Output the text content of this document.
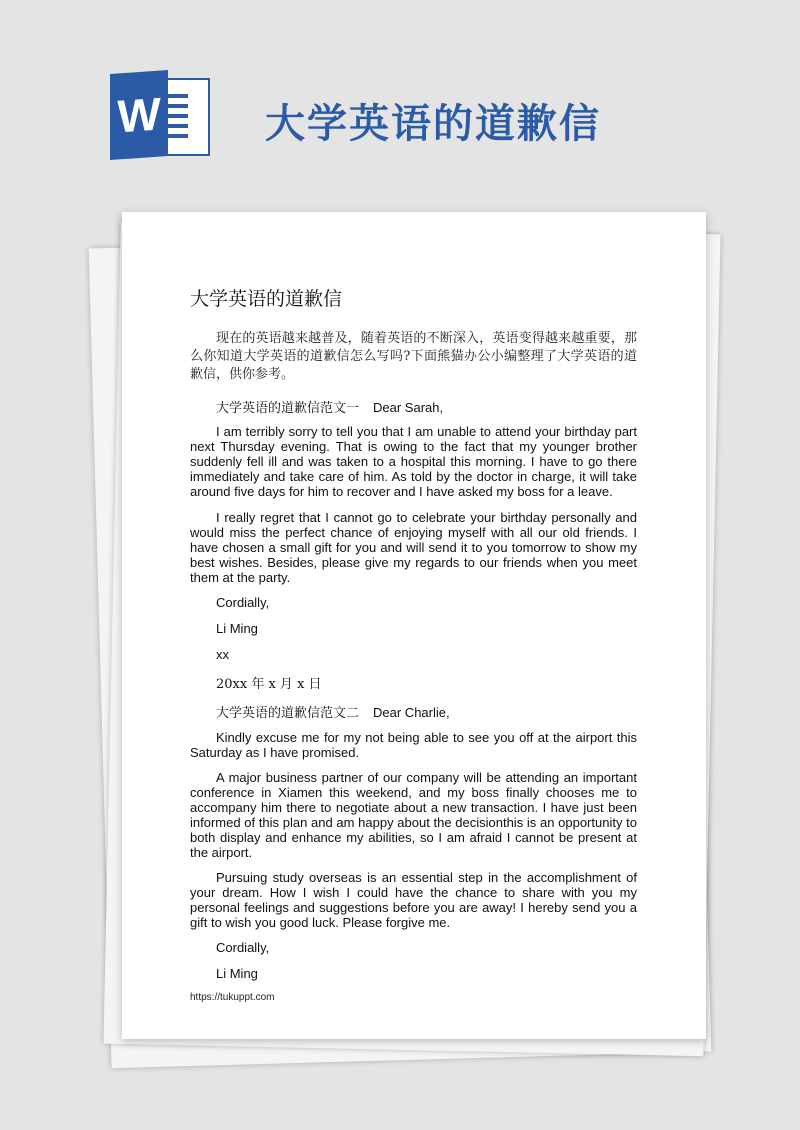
W	大学英语的道歉信
大学英语的道歉信

现在的英语越来越普及，随着英语的不断深入，英语变得越来越重要，那么你知道大学英语的道歉信怎么写吗?下面熊猫办公小编整理了大学英语的道歉信，供你参考。

大学英语的道歉信范文一 Dear Sarah,

I am terribly sorry to tell you that I am unable to attend your birthday part next Thursday evening. That is owing to the fact that my younger brother suddenly fell ill and was taken to a hospital this morning. I have to go there immediately and take care of him. As told by the doctor in charge, it will take around five days for him to recover and I have asked my boss for a leave.

I really regret that I cannot go to celebrate your birthday personally and would miss the perfect chance of enjoying myself with all our old friends. I have chosen a small gift for you and will send it to you tomorrow to show my best wishes. Besides, please give my regards to our friends when you meet them at the party.

Cordially,
Li Ming
xx
20xx 年 x 月 x 日
大学英语的道歉信范文二 Dear Charlie,

Kindly excuse me for my not being able to see you off at the airport this Saturday as I have promised.

A major business partner of our company will be attending an important conference in Xiamen this weekend, and my boss finally chooses me to accompany him there to negotiate about a new transaction. I have just been informed of this plan and am happy about the decisionthis is an opportunity to both display and enhance my abilities, so I am afraid I cannot be present at the airport.

Pursuing study overseas is an essential step in the accomplishment of your dream. How I wish I could have the chance to share with you my personal feelings and suggestions before you are away! I hereby send you a gift to wish you good luck. Please forgive me.

Cordially,
Li Ming
https://tukuppt.com
